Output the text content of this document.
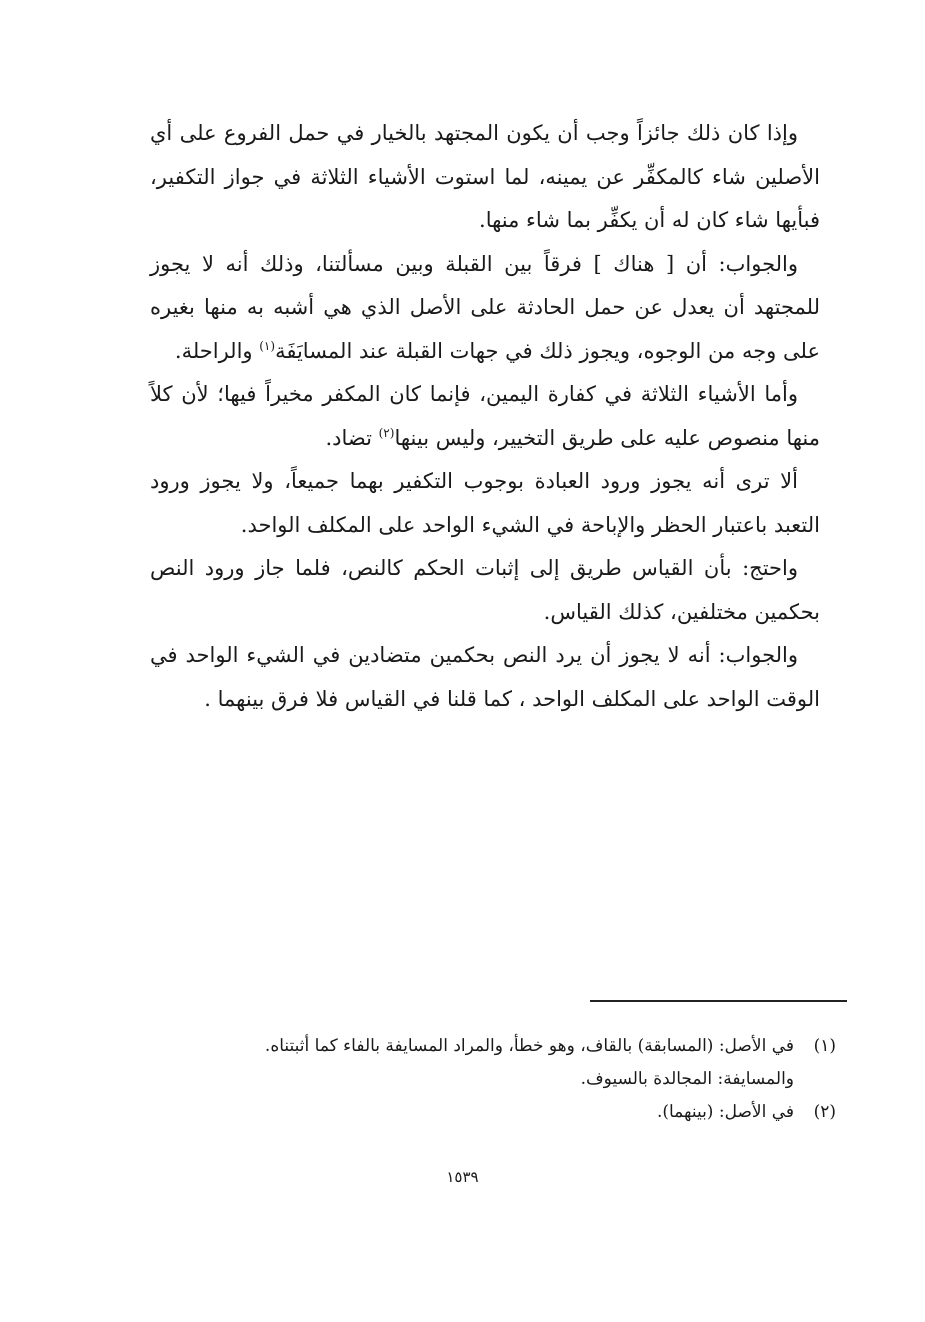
وإذا كان ذلك جائزاً وجب أن يكون المجتهد بالخيار في حمل الفروع على أي الأصلين شاء كالمكفِّر عن يمينه، لما استوت الأشياء الثلاثة في جواز التكفير، فبأيها شاء كان له أن يكفِّر بما شاء منها.

والجواب: أن [ هناك ] فرقاً بين القبلة وبين مسألتنا، وذلك أنه لا يجوز للمجتهد أن يعدل عن حمل الحادثة على الأصل الذي هي أشبه به منها بغيره على وجه من الوجوه، ويجوز ذلك في جهات القبلة عند المسايَفَة$^{(١)}$ والراحلة.

وأما الأشياء الثلاثة في كفارة اليمين، فإنما كان المكفر مخيراً فيها؛ لأن كلاً منها منصوص عليه على طريق التخيير، وليس بينها$^{(٢)}$ تضاد.

ألا ترى أنه يجوز ورود العبادة بوجوب التكفير بهما جميعاً، ولا يجوز ورود التعبد باعتبار الحظر والإباحة في الشيء الواحد على المكلف الواحد.

واحتج: بأن القياس طريق إلى إثبات الحكم كالنص، فلما جاز ورود النص بحكمين مختلفين، كذلك القياس.

والجواب: أنه لا يجوز أن يرد النص بحكمين متضادين في الشيء الواحد في الوقت الواحد على المكلف الواحد ، كما قلنا في القياس فلا فرق بينهما .

(١)
في الأصل: (المسابقة) بالقاف، وهو خطأ، والمراد المسايفة بالفاء كما أثبتناه.
والمسايفة: المجالدة بالسيوف.
(٢)
في الأصل: (بينهما).
١٥٣٩
